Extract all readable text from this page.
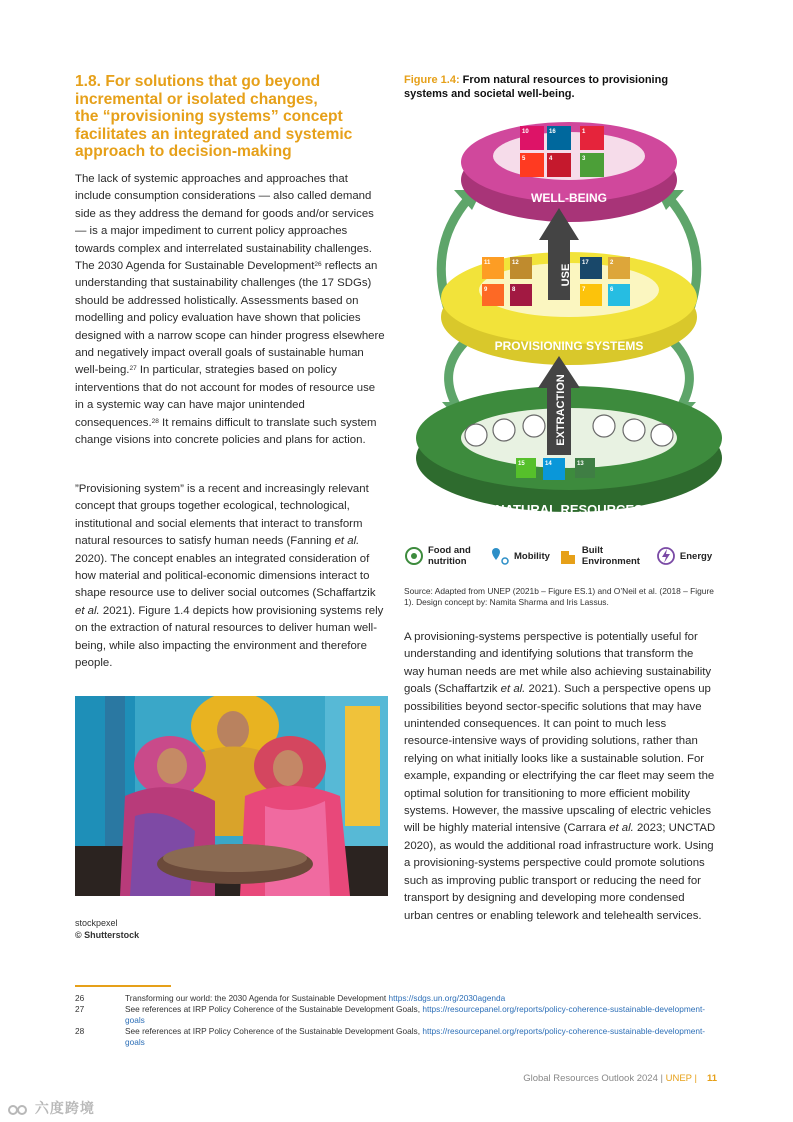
1.8. For solutions that go beyond
incremental or isolated changes,
the “provisioning systems” concept
facilitates an integrated and systemic
approach to decision-making

The lack of systemic approaches and approaches that include consumption considerations — also called demand side as they address the demand for goods and/or services — is a major impediment to current policy approaches towards complex and interrelated sustainability challenges. The 2030 Agenda for Sustainable Development$^{26}$ reflects an understanding that sustainability challenges (the 17 SDGs) should be addressed holistically. Assessments based on modelling and policy evaluation have shown that policies designed with a narrow scope can hinder progress elsewhere and negatively impact overall goals of sustainable human well-being.$^{27}$ In particular, strategies based on policy interventions that do not account for modes of resource use in a systemic way can have major unintended consequences.$^{28}$ It remains difficult to translate such system change visions into concrete policies and plans for action.

”Provisioning system” is a recent and increasingly relevant concept that groups together ecological, technological, institutional and social elements that interact to transform natural resources to satisfy human needs (Fanning et al. 2020). The concept enables an integrated consideration of how material and political-economic dimensions interact to shape resource use to deliver social outcomes (Schaffartzik et al. 2021). Figure 1.4 depicts how provisioning systems rely on the extraction of natural resources to deliver human well-being, while also impacting the environment and therefore people.

stockpexel
© Shutterstock

Figure 1.4: From natural resources to provisioning systems and societal well-being.

NATURAL RESOURCES
15	14	13
PROVISIONING SYSTEMS
11	12	17	2
9	8	7	6
WELL-BEING
10	16	1
5	4	3
USE
EXTRACTION
Food and nutrition	Mobility	Built Environment	Energy

Source: Adapted from UNEP (2021b – Figure ES.1) and O’Neil et al. (2018 – Figure 1). Design concept by: Namita Sharma and Iris Lassus.

A provisioning-systems perspective is potentially useful for understanding and identifying solutions that transform the way human needs are met while also achieving sustainability goals (Schaffartzik et al. 2021). Such a perspective opens up possibilities beyond sector-specific solutions that may have unintended consequences. It can point to much less resource-intensive ways of providing solutions, rather than relying on what initially looks like a sustainable solution. For example, expanding or electrifying the car fleet may seem the optimal solution for transitioning to more efficient mobility systems. However, the massive upscaling of electric vehicles will be highly material intensive (Carrara et al. 2023; UNCTAD 2020), as would the additional road infrastructure work. Using a provisioning-systems perspective could promote solutions such as improving public transport or reducing the need for transport by designing and developing more condensed urban centres or enabling telework and telehealth services.

26	Transforming our world: the 2030 Agenda for Sustainable Development https://sdgs.un.org/2030agenda
27	See references at IRP Policy Coherence of the Sustainable Development Goals, https://resourcepanel.org/reports/policy-coherence-sustainable-development-goals
28	See references at IRP Policy Coherence of the Sustainable Development Goals, https://resourcepanel.org/reports/policy-coherence-sustainable-development-goals
Global Resources Outlook 2024 | UNEP | 11
六度跨境
